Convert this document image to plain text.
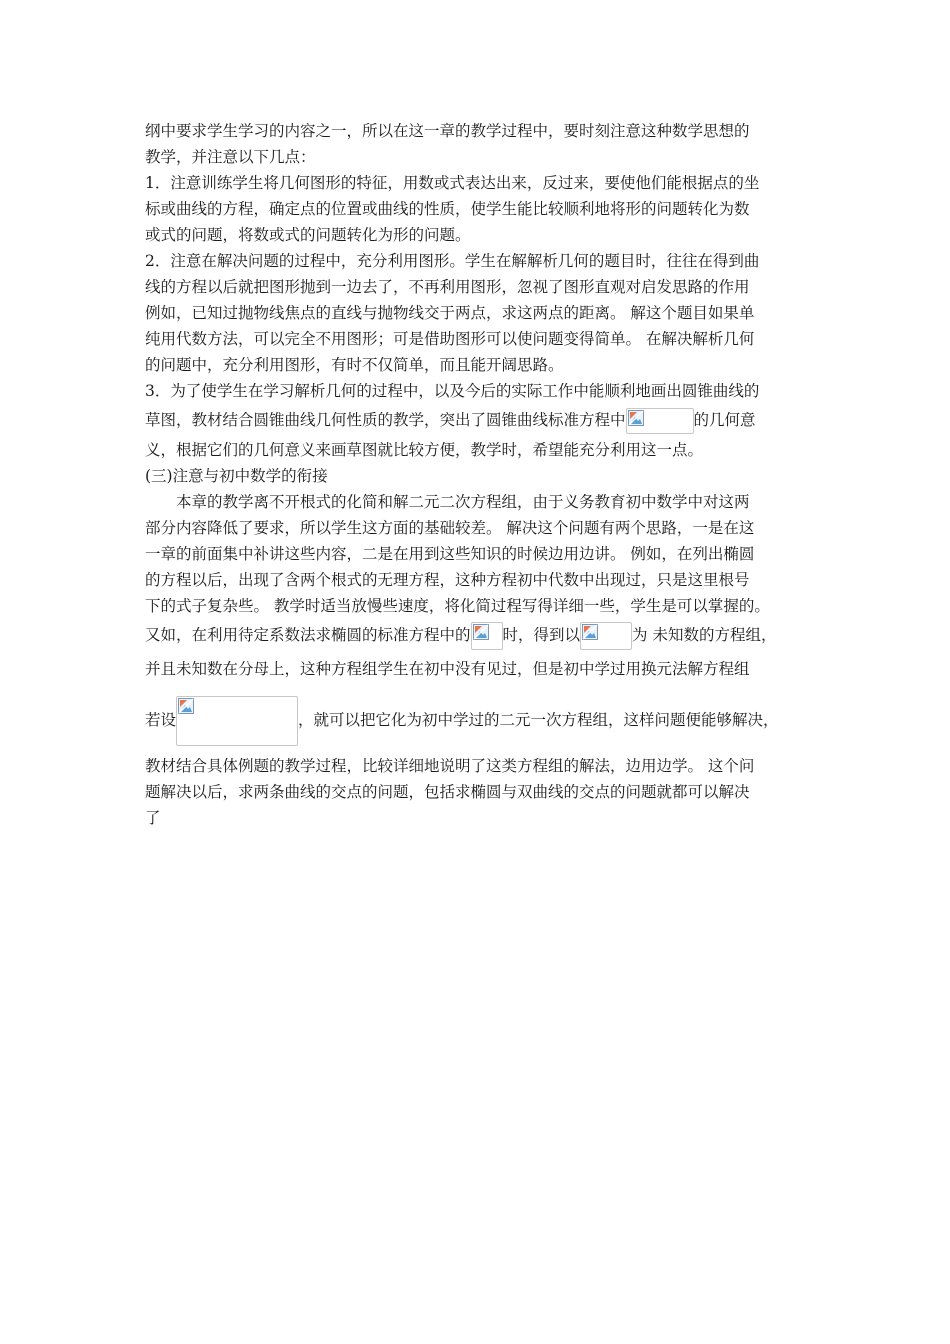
纲中要求学生学习的内容之一，所以在这一章的教学过程中，要时刻注意这种数学思想的
教学，并注意以下几点：
1．注意训练学生将几何图形的特征，用数或式表达出来，反过来，要使他们能根据点的坐
标或曲线的方程，确定点的位置或曲线的性质，使学生能比较顺利地将形的问题转化为数
或式的问题，将数或式的问题转化为形的问题。
2．注意在解决问题的过程中，充分利用图形。学生在解解析几何的题目时，往往在得到曲
线的方程以后就把图形抛到一边去了，不再利用图形，忽视了图形直观对启发思路的作用
例如，已知过抛物线焦点的直线与抛物线交于两点，求这两点的距离。 解这个题目如果单
纯用代数方法，可以完全不用图形；可是借助图形可以使问题变得简单。 在解决解析几何
的问题中，充分利用图形，有时不仅简单，而且能开阔思路。
3．为了使学生在学习解析几何的过程中，以及今后的实际工作中能顺利地画出圆锥曲线的
草图，教材结合圆锥曲线几何性质的教学，突出了圆锥曲线标准方程中	的几何意
义，根据它们的几何意义来画草图就比较方便，教学时，希望能充分利用这一点。
(三)注意与初中数学的衔接
　　本章的教学离不开根式的化简和解二元二次方程组，由于义务教育初中数学中对这两
部分内容降低了要求，所以学生这方面的基础较差。 解决这个问题有两个思路，一是在这
一章的前面集中补讲这些内容，二是在用到这些知识的时候边用边讲。 例如，在列出椭圆
的方程以后，出现了含两个根式的无理方程，这种方程初中代数中出现过，只是这里根号
下的式子复杂些。 教学时适当放慢些速度，将化简过程写得详细一些，学生是可以掌握的。
又如，在利用待定系数法求椭圆的标准方程中的 时，得到以	为 未知数的方程组，
并且未知数在分母上，这种方程组学生在初中没有见过，但是初中学过用换元法解方程组
若设	，就可以把它化为初中学过的二元一次方程组，这样问题便能够解决，
教材结合具体例题的教学过程，比较详细地说明了这类方程组的解法，边用边学。 这个问
题解决以后，求两条曲线的交点的问题，包括求椭圆与双曲线的交点的问题就都可以解决
了
